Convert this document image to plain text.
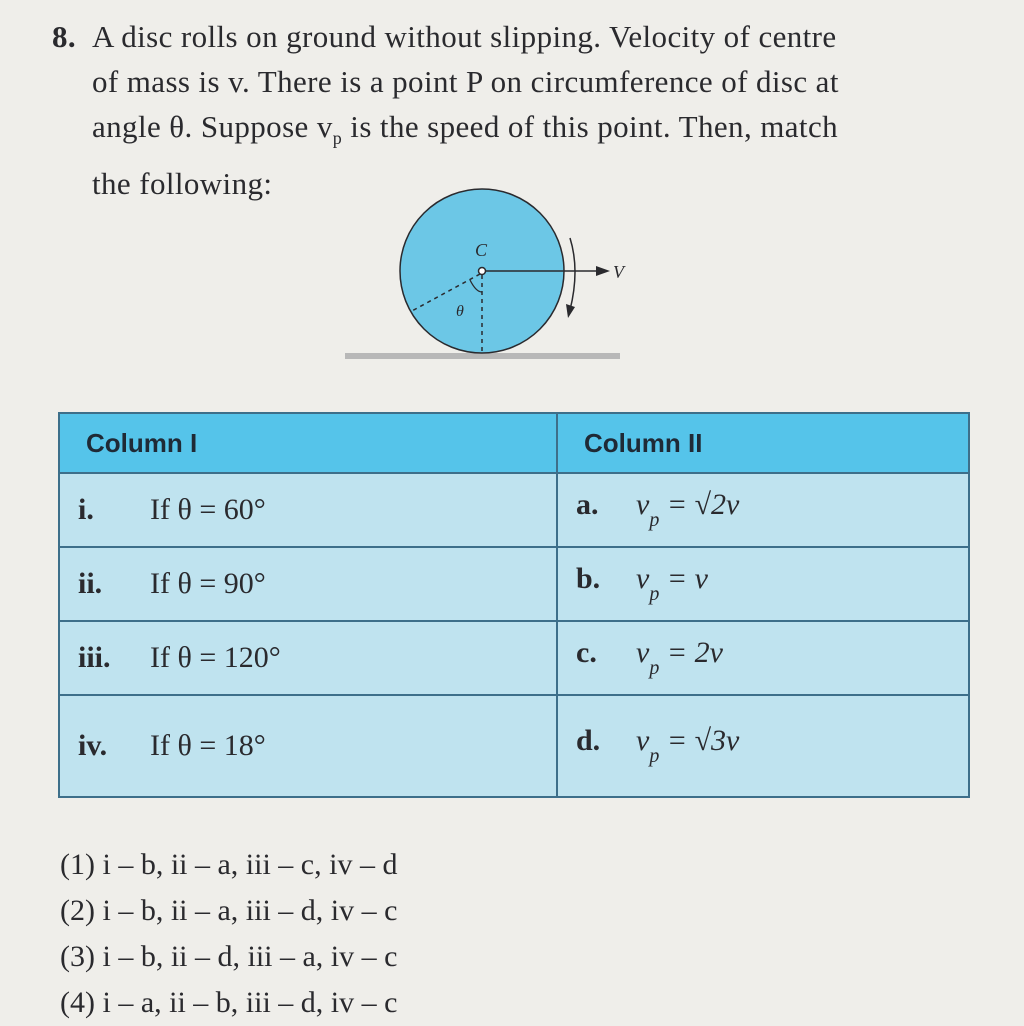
8. A disc rolls on ground without slipping. Velocity of centre
of mass is v. There is a point P on circumference of disc at
angle θ. Suppose $v_p$ is the speed of this point. Then, match
the following:
C
θ
V
Column I	Column II
i. If θ = 60°	a. $v_p = √2v$
ii. If θ = 90°	b. $v_p = v$
iii. If θ = 120°	c. $v_p = 2v$
iv. If θ = 18°	d. $v_p = √3v$
(1) i – b, ii – a, iii – c, iv – d
(2) i – b, ii – a, iii – d, iv – c
(3) i – b, ii – d, iii – a, iv – c
(4) i – a, ii – b, iii – d, iv – c
